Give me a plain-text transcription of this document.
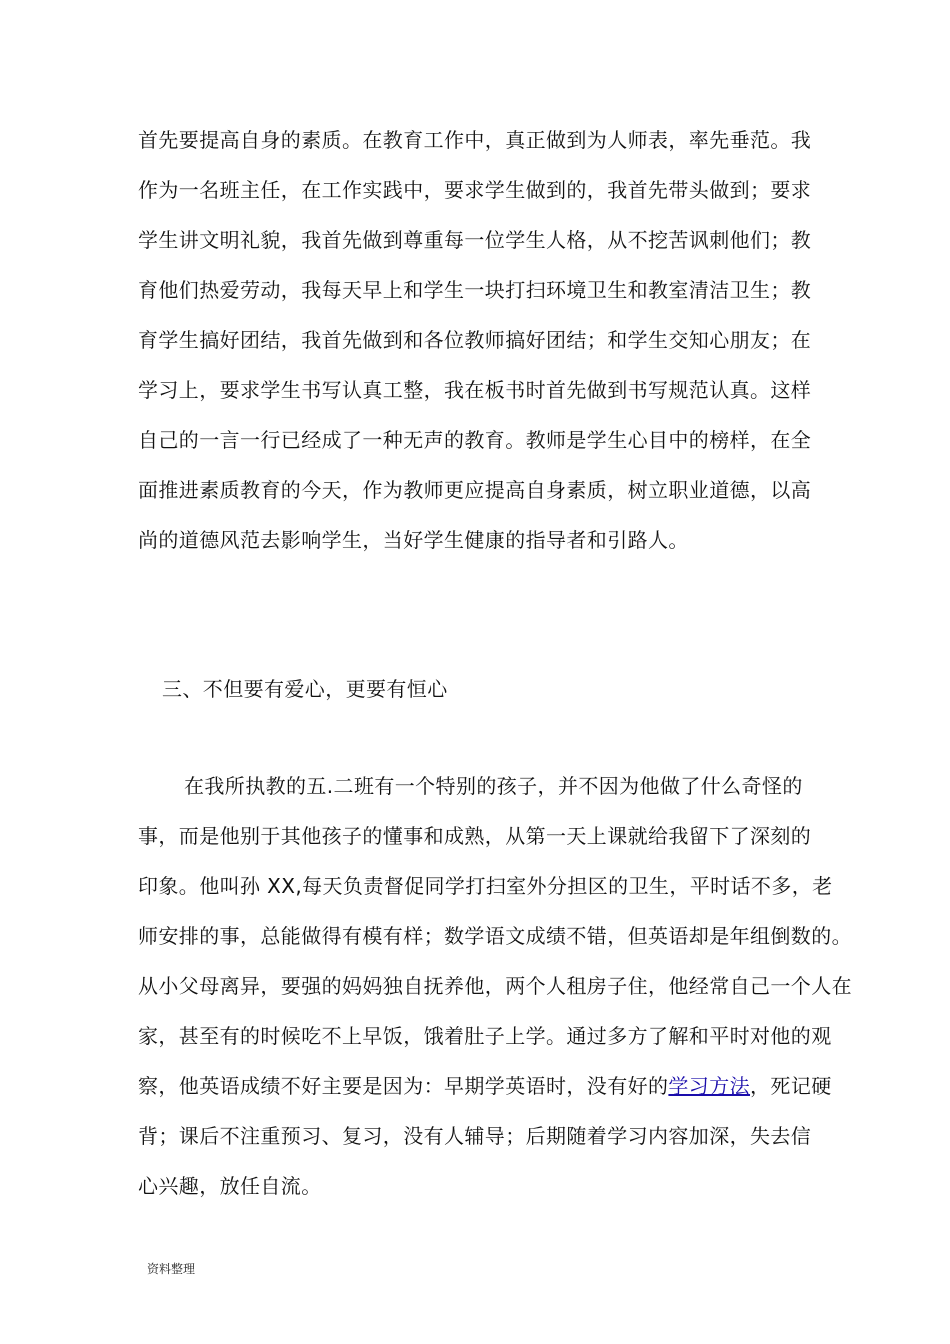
首先要提高自身的素质。在教育工作中，真正做到为人师表，率先垂范。我
作为一名班主任，在工作实践中，要求学生做到的，我首先带头做到；要求
学生讲文明礼貌，我首先做到尊重每一位学生人格，从不挖苦讽刺他们；教
育他们热爱劳动，我每天早上和学生一块打扫环境卫生和教室清洁卫生；教
育学生搞好团结，我首先做到和各位教师搞好团结；和学生交知心朋友；在
学习上，要求学生书写认真工整，我在板书时首先做到书写规范认真。这样
自己的一言一行已经成了一种无声的教育。教师是学生心目中的榜样，在全
面推进素质教育的今天，作为教师更应提高自身素质，树立职业道德，以高
尚的道德风范去影响学生，当好学生健康的指导者和引路人。
三、不但要有爱心，更要有恒心
在我所执教的五.二班有一个特别的孩子，并不因为他做了什么奇怪的
事，而是他别于其他孩子的懂事和成熟，从第一天上课就给我留下了深刻的
印象。他叫孙 XX,每天负责督促同学打扫室外分担区的卫生，平时话不多，老
师安排的事，总能做得有模有样；数学语文成绩不错，但英语却是年组倒数的。
从小父母离异，要强的妈妈独自抚养他，两个人租房子住，他经常自己一个人在
家，甚至有的时候吃不上早饭，饿着肚子上学。通过多方了解和平时对他的观
察，他英语成绩不好主要是因为：早期学英语时，没有好的学习方法，死记硬
背；课后不注重预习、复习，没有人辅导；后期随着学习内容加深，失去信
心兴趣，放任自流。
资料整理
